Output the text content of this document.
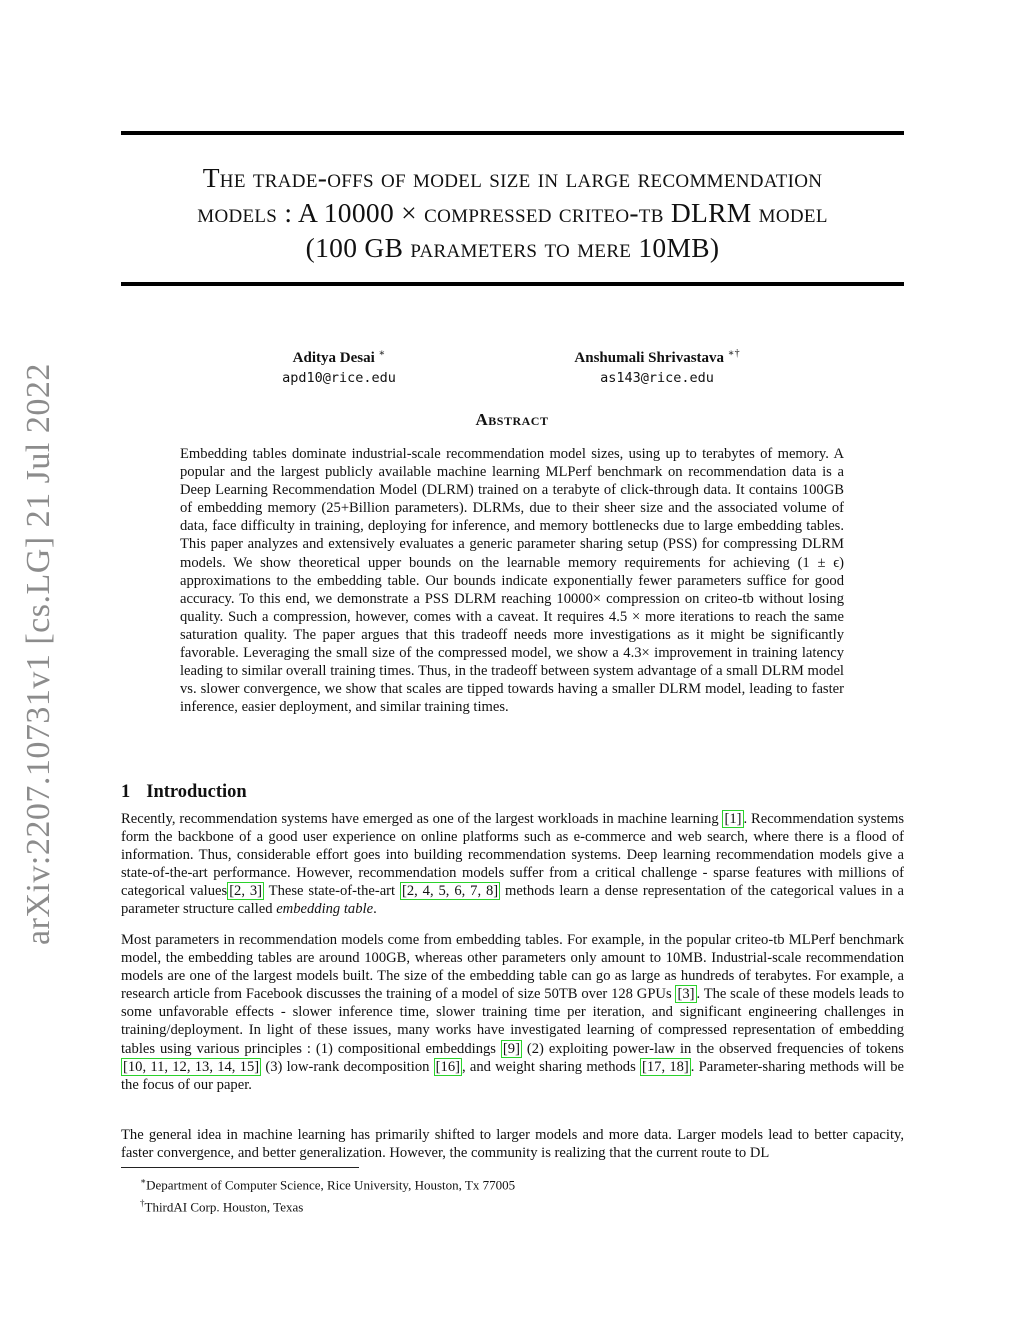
arXiv:2207.10731v1 [cs.LG] 21 Jul 2022
The trade-offs of model size in large recommendation
models : A 10000 × compressed criteo-tb DLRM model
(100 GB parameters to mere 10MB)
Aditya Desai ∗
apd10@rice.edu
Anshumali Shrivastava ∗†
as143@rice.edu
Abstract
Embedding tables dominate industrial-scale recommendation model sizes, using up to terabytes of memory. A popular and the largest publicly available machine learning MLPerf benchmark on recommendation data is a Deep Learning Recommendation Model (DLRM) trained on a terabyte of click-through data. It contains 100GB of embedding memory (25+Billion parameters). DLRMs, due to their sheer size and the associated volume of data, face difficulty in training, deploying for inference, and memory bottlenecks due to large embedding tables. This paper analyzes and extensively evaluates a generic parameter sharing setup (PSS) for compressing DLRM models. We show theoretical upper bounds on the learnable memory requirements for achieving (1 ± ϵ) approximations to the embedding table. Our bounds indicate exponentially fewer parameters suffice for good accuracy. To this end, we demonstrate a PSS DLRM reaching 10000× compression on criteo-tb without losing quality. Such a compression, however, comes with a caveat. It requires 4.5 × more iterations to reach the same saturation quality. The paper argues that this tradeoff needs more investigations as it might be significantly favorable. Leveraging the small size of the compressed model, we show a 4.3× improvement in training latency leading to similar overall training times. Thus, in the tradeoff between system advantage of a small DLRM model vs. slower convergence, we show that scales are tipped towards having a smaller DLRM model, leading to faster inference, easier deployment, and similar training times.
1 Introduction
Recently, recommendation systems have emerged as one of the largest workloads in machine learning [1] . Recommendation systems form the backbone of a good user experience on online platforms such as e-commerce and web search, where there is a flood of information. Thus, considerable effort goes into building recommendation systems. Deep learning recommendation models give a state-of-the-art performance. However, recommendation models suffer from a critical challenge - sparse features with millions of categorical values [2, 3] These state-of-the-art [2, 4, 5, 6, 7, 8] methods learn a dense representation of the categorical values in a parameter structure called embedding table.
Most parameters in recommendation models come from embedding tables. For example, in the popular criteo-tb MLPerf benchmark model, the embedding tables are around 100GB, whereas other parameters only amount to 10MB. Industrial-scale recommendation models are one of the largest models built. The size of the embedding table can go as large as hundreds of terabytes. For example, a research article from Facebook discusses the training of a model of size 50TB over 128 GPUs [3] . The scale of these models leads to some unfavorable effects - slower inference time, slower training time per iteration, and significant engineering challenges in training/deployment. In light of these issues, many works have investigated learning of compressed representation of embedding tables using various principles : (1) compositional embeddings [9] (2) exploiting power-law in the observed frequencies of tokens [10, 11, 12, 13, 14, 15] (3) low-rank decomposition [16] , and weight sharing methods [17, 18] . Parameter-sharing methods will be the focus of our paper.
The general idea in machine learning has primarily shifted to larger models and more data. Larger models lead to better capacity, faster convergence, and better generalization. However, the community is realizing that the current route to DL
∗Department of Computer Science, Rice University, Houston, Tx 77005
†ThirdAI Corp. Houston, Texas
